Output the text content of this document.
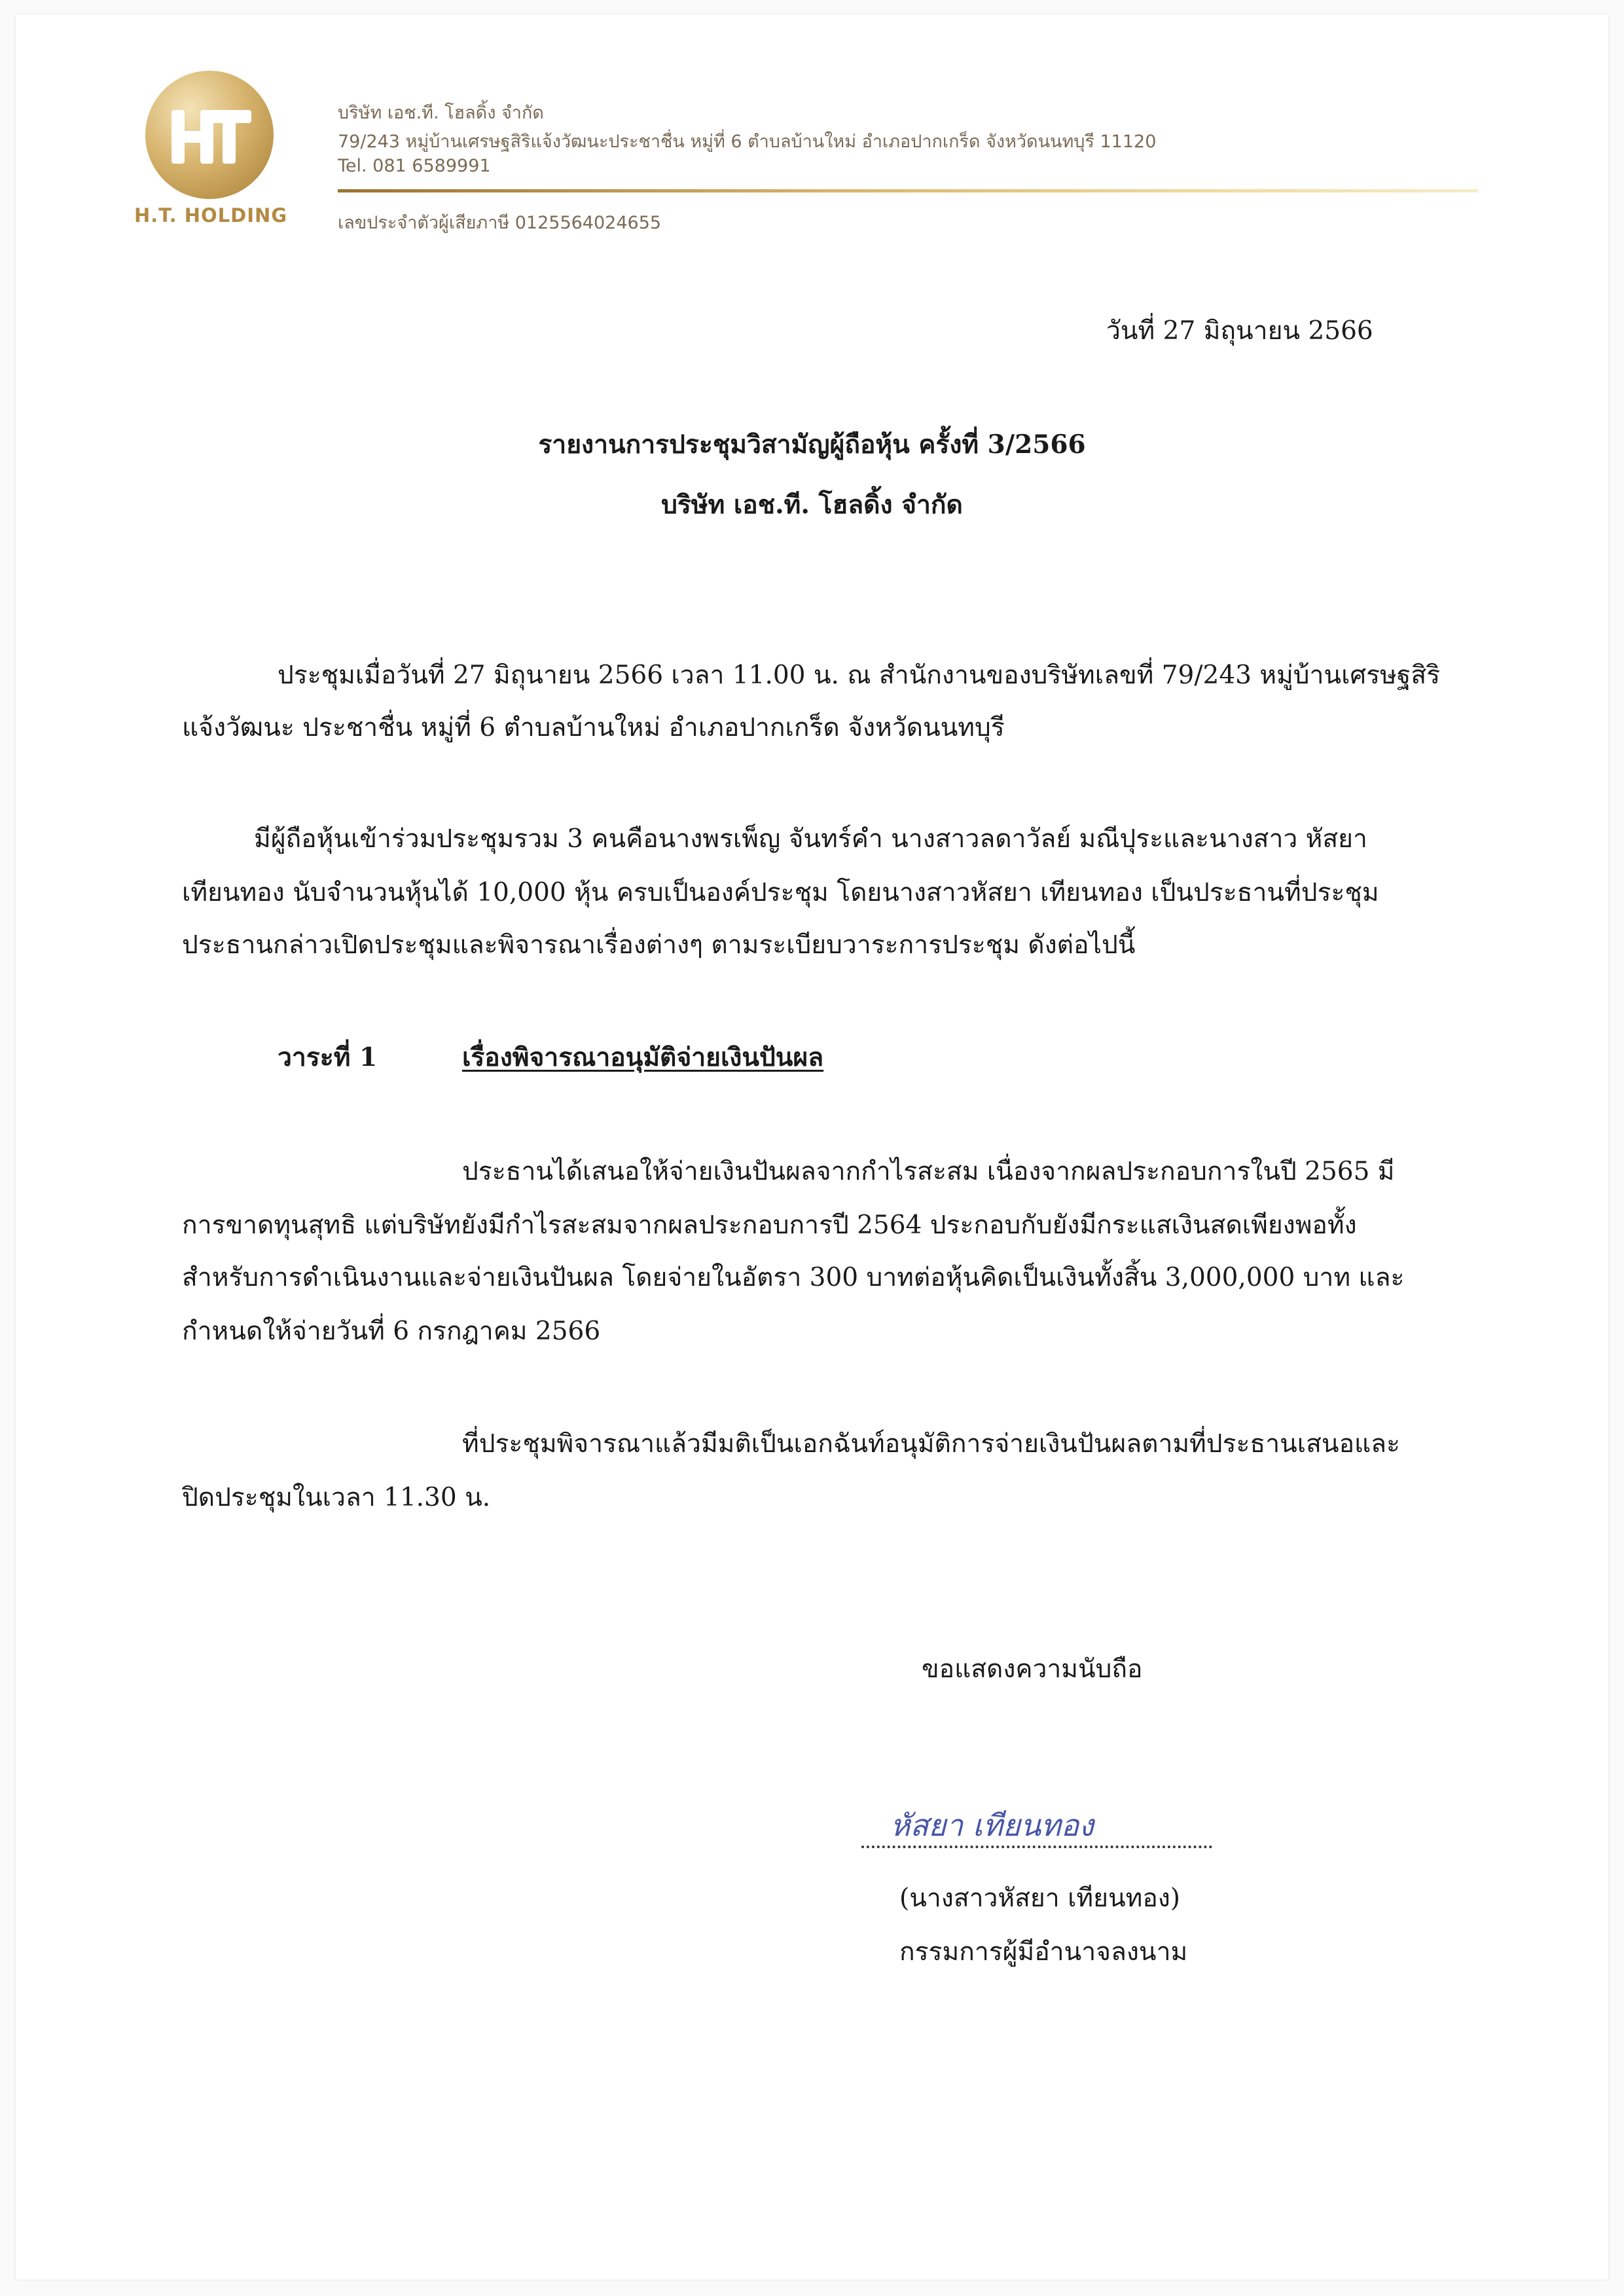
H.T. HOLDING
บริษัท เอช.ที. โฮลดิ้ง จำกัด
79/243 หมู่บ้านเศรษฐสิริแจ้งวัฒนะประชาชื่น หมู่ที่ 6 ตำบลบ้านใหม่ อำเภอปากเกร็ด จังหวัดนนทบุรี 11120
Tel. 081 6589991
เลขประจำตัวผู้เสียภาษี 0125564024655
วันที่ 27 มิถุนายน 2566
รายงานการประชุมวิสามัญผู้ถือหุ้น ครั้งที่ 3/2566
บริษัท เอช.ที. โฮลดิ้ง จำกัด
ประชุมเมื่อวันที่ 27 มิถุนายน 2566 เวลา 11.00 น. ณ สำนักงานของบริษัทเลขที่ 79/243 หมู่บ้านเศรษฐสิริ
แจ้งวัฒนะ ประชาชื่น หมู่ที่ 6 ตำบลบ้านใหม่ อำเภอปากเกร็ด จังหวัดนนทบุรี
มีผู้ถือหุ้นเข้าร่วมประชุมรวม 3 คนคือนางพรเพ็ญ จันทร์คำ นางสาวลดาวัลย์ มณีปุระและนางสาว หัสยา
เทียนทอง นับจำนวนหุ้นได้ 10,000 หุ้น ครบเป็นองค์ประชุม โดยนางสาวหัสยา เทียนทอง เป็นประธานที่ประชุม
ประธานกล่าวเปิดประชุมและพิจารณาเรื่องต่างๆ ตามระเบียบวาระการประชุม ดังต่อไปนี้
วาระที่ 1	เรื่องพิจารณาอนุมัติจ่ายเงินปันผล
ประธานได้เสนอให้จ่ายเงินปันผลจากกำไรสะสม เนื่องจากผลประกอบการในปี 2565 มี
การขาดทุนสุทธิ แต่บริษัทยังมีกำไรสะสมจากผลประกอบการปี 2564 ประกอบกับยังมีกระแสเงินสดเพียงพอทั้ง
สำหรับการดำเนินงานและจ่ายเงินปันผล โดยจ่ายในอัตรา 300 บาทต่อหุ้นคิดเป็นเงินทั้งสิ้น 3,000,000 บาท และ
กำหนดให้จ่ายวันที่ 6 กรกฎาคม 2566
ที่ประชุมพิจารณาแล้วมีมติเป็นเอกฉันท์อนุมัติการจ่ายเงินปันผลตามที่ประธานเสนอและ
ปิดประชุมในเวลา 11.30 น.
ขอแสดงความนับถือ
หัสยา เทียนทอง
(นางสาวหัสยา เทียนทอง)
กรรมการผู้มีอำนาจลงนาม
